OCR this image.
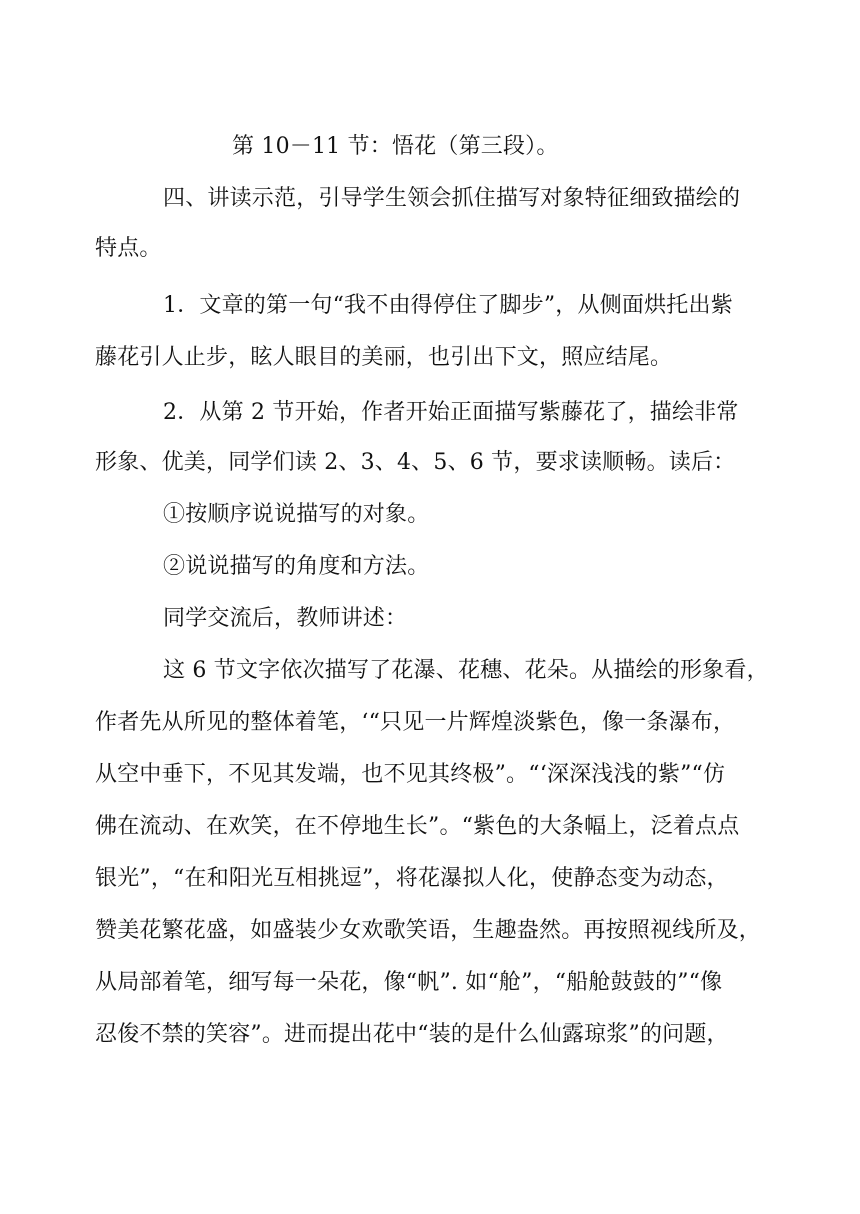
第 10－11 节：悟花（第三段）。
四、讲读示范，引导学生领会抓住描写对象特征细致描绘的
特点。
1．文章的第一句“我不由得停住了脚步”，从侧面烘托出紫
藤花引人止步，眩人眼目的美丽，也引出下文，照应结尾。
2．从第 2 节开始，作者开始正面描写紫藤花了，描绘非常
形象、优美，同学们读 2、3、4、5、6 节，要求读顺畅。读后：
①按顺序说说描写的对象。
②说说描写的角度和方法。
同学交流后，教师讲述：
这 6 节文字依次描写了花瀑、花穗、花朵。从描绘的形象看，
作者先从所见的整体着笔，‘“只见一片辉煌淡紫色，像一条瀑布，
从空中垂下，不见其发端，也不见其终极”。“‘深深浅浅的紫”“仿
佛在流动、在欢笑，在不停地生长”。“紫色的大条幅上，泛着点点
银光”，“在和阳光互相挑逗”，将花瀑拟人化，使静态变为动态，
赞美花繁花盛，如盛装少女欢歌笑语，生趣盎然。再按照视线所及，
从局部着笔，细写每一朵花，像“帆”. 如“舱”，“船舱鼓鼓的”“像
忍俊不禁的笑容”。进而提出花中“装的是什么仙露琼浆”的问题，
